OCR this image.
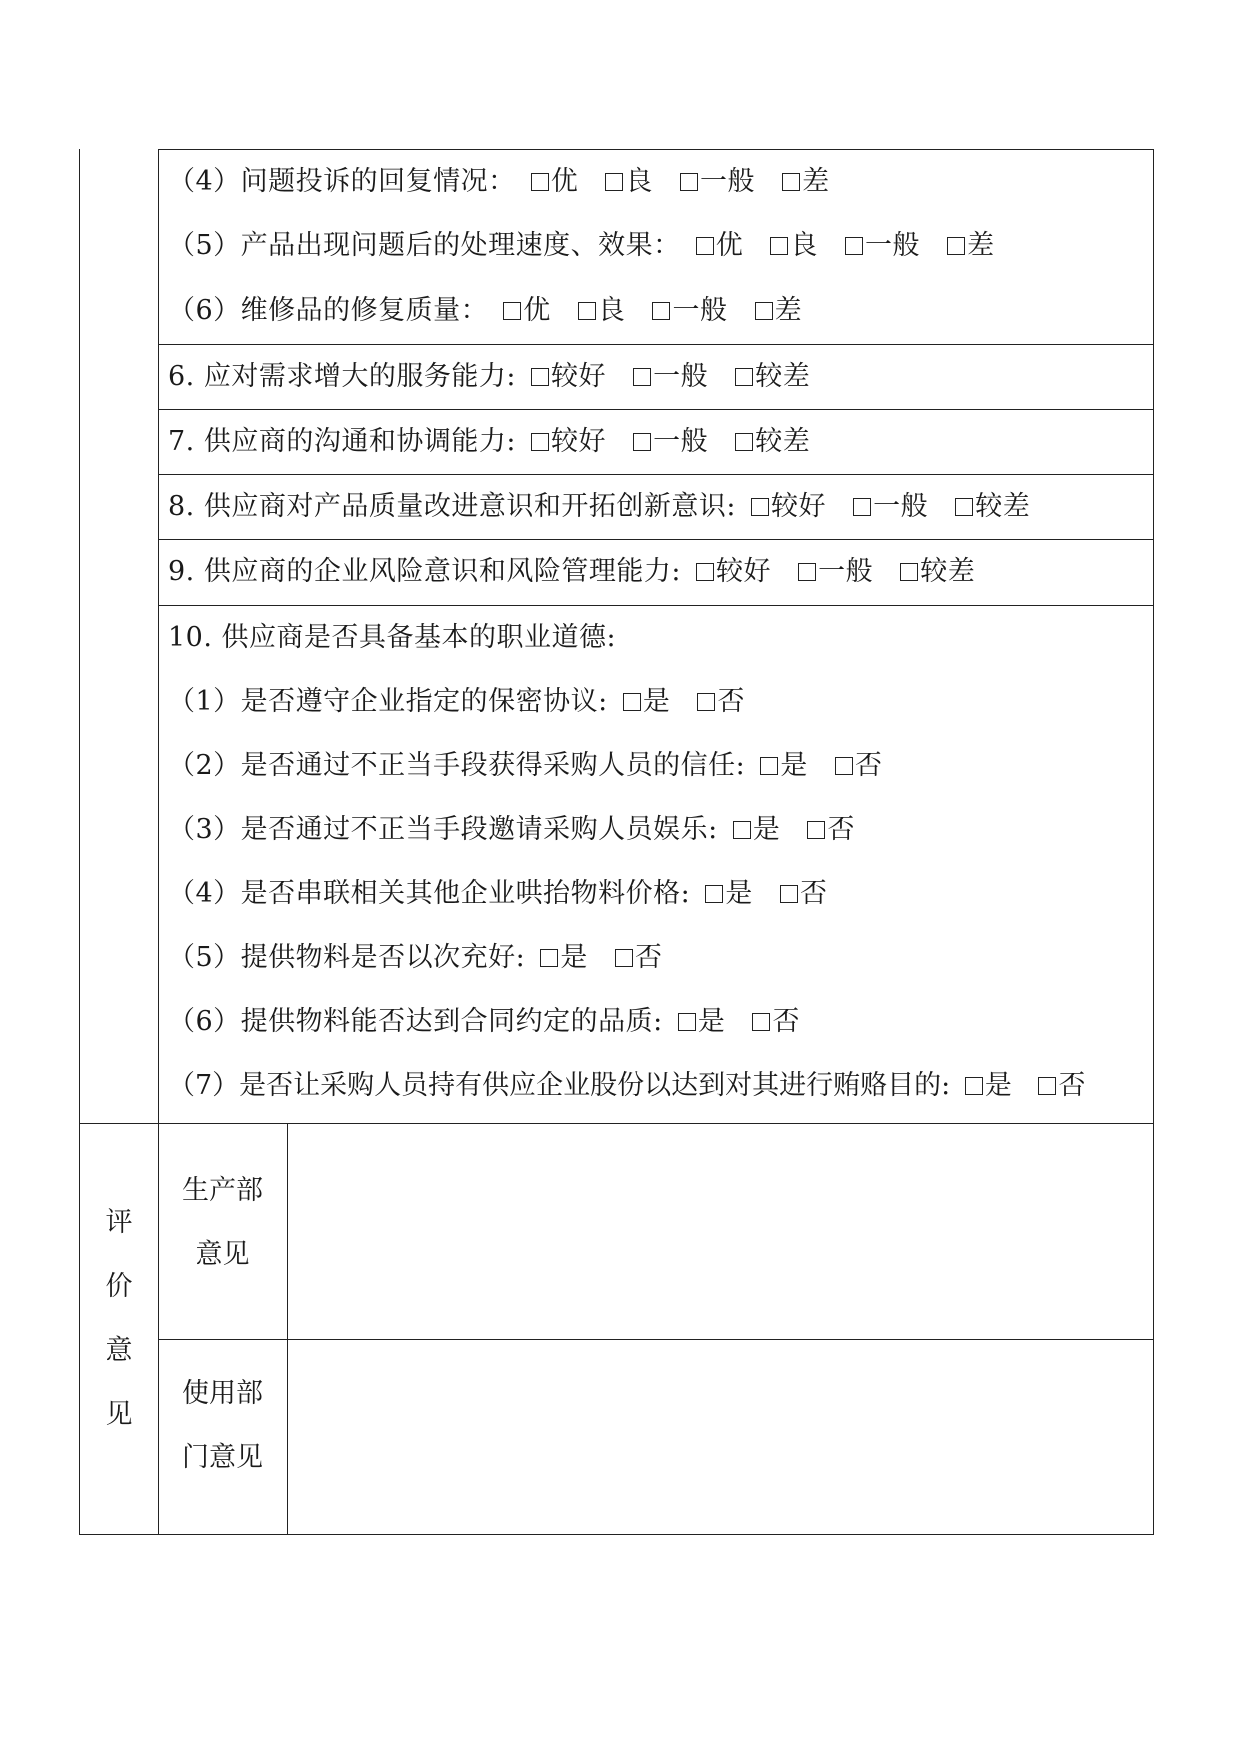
（4）问题投诉的回复情况： 优 良 一般 差
（5）产品出现问题后的处理速度、效果： 优 良 一般 差
（6）维修品的修复质量： 优 良 一般 差
6. 应对需求增大的服务能力: 较好 一般 较差
7. 供应商的沟通和协调能力: 较好 一般 较差
8. 供应商对产品质量改进意识和开拓创新意识: 较好 一般 较差
9. 供应商的企业风险意识和风险管理能力: 较好 一般 较差
10. 供应商是否具备基本的职业道德:
（1）是否遵守企业指定的保密协议: 是 否
（2）是否通过不正当手段获得采购人员的信任: 是 否
（3）是否通过不正当手段邀请采购人员娱乐: 是 否
（4）是否串联相关其他企业哄抬物料价格: 是 否
（5）提供物料是否以次充好: 是 否
（6）提供物料能否达到合同约定的品质: 是 否
（7）是否让采购人员持有供应企业股份以达到对其进行贿赂目的: 是 否
评
价
意
见
生产部
意见
使用部
门意见
